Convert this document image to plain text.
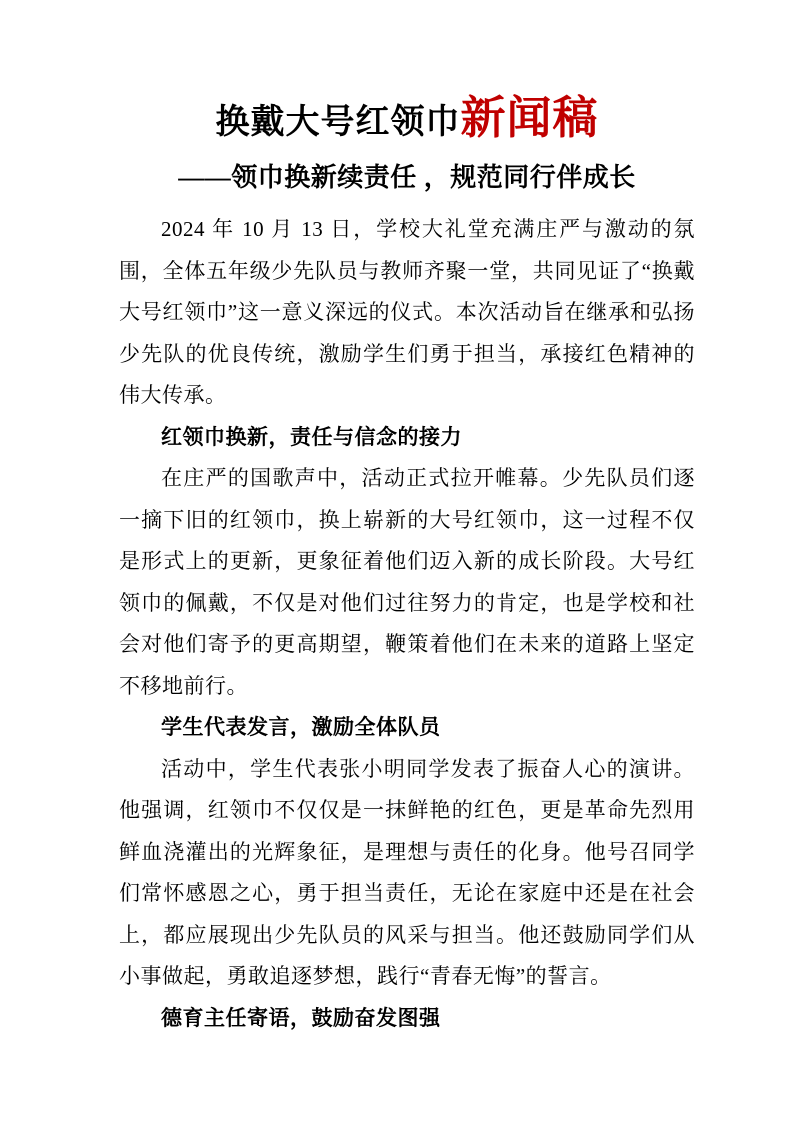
换戴大号红领巾新闻稿
——领巾换新续责任 ，规范同行伴成长

2024 年 10 月 13 日，学校大礼堂充满庄严与激动的氛围，全体五年级少先队员与教师齐聚一堂，共同见证了“换戴大号红领巾”这一意义深远的仪式。本次活动旨在继承和弘扬少先队的优良传统，激励学生们勇于担当，承接红色精神的伟大传承。

红领巾换新，责任与信念的接力

在庄严的国歌声中，活动正式拉开帷幕。少先队员们逐一摘下旧的红领巾，换上崭新的大号红领巾，这一过程不仅是形式上的更新，更象征着他们迈入新的成长阶段。大号红领巾的佩戴，不仅是对他们过往努力的肯定，也是学校和社会对他们寄予的更高期望，鞭策着他们在未来的道路上坚定不移地前行。

学生代表发言，激励全体队员

活动中，学生代表张小明同学发表了振奋人心的演讲。他强调，红领巾不仅仅是一抹鲜艳的红色，更是革命先烈用鲜血浇灌出的光辉象征，是理想与责任的化身。他号召同学们常怀感恩之心，勇于担当责任，无论在家庭中还是在社会上，都应展现出少先队员的风采与担当。他还鼓励同学们从小事做起，勇敢追逐梦想，践行“青春无悔”的誓言。

德育主任寄语，鼓励奋发图强
